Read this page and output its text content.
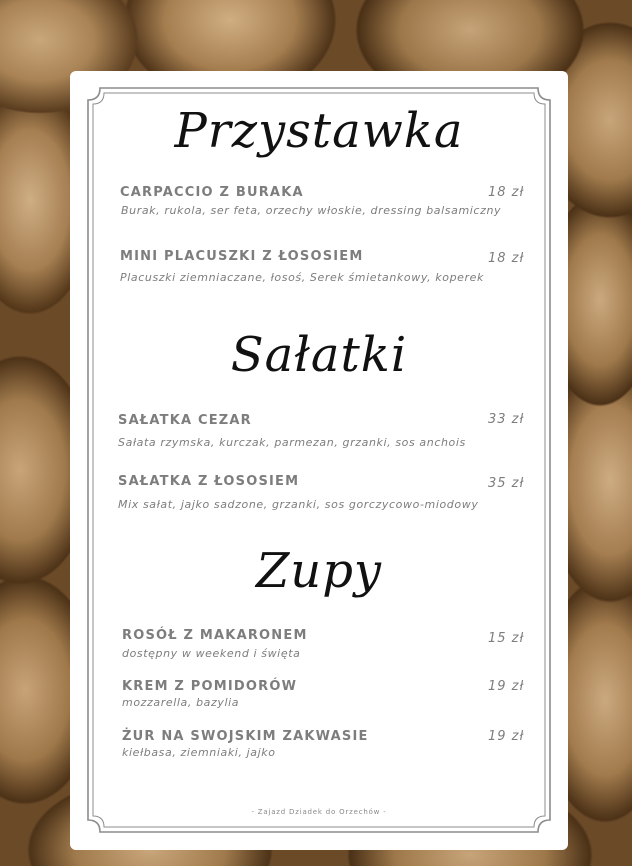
Przystawka
CARPACCIO Z BURAKA	18 zł
Burak, rukola, ser feta, orzechy włoskie, dressing balsamiczny
MINI PLACUSZKI Z ŁOSOSIEM	18 zł
Placuszki ziemniaczane, łosoś, Serek śmietankowy, koperek
Sałatki
SAŁATKA CEZAR	33 zł
Sałata rzymska, kurczak, parmezan, grzanki, sos anchois
SAŁATKA Z ŁOSOSIEM	35 zł
Mix sałat, jajko sadzone, grzanki, sos gorczycowo-miodowy
Zupy
ROSÓŁ Z MAKARONEM	15 zł
dostępny w weekend i święta
KREM Z POMIDORÓW	19 zł
mozzarella, bazylia
ŻUR NA SWOJSKIM ZAKWASIE	19 zł
kiełbasa, ziemniaki, jajko
- Zajazd Dziadek do Orzechów -
